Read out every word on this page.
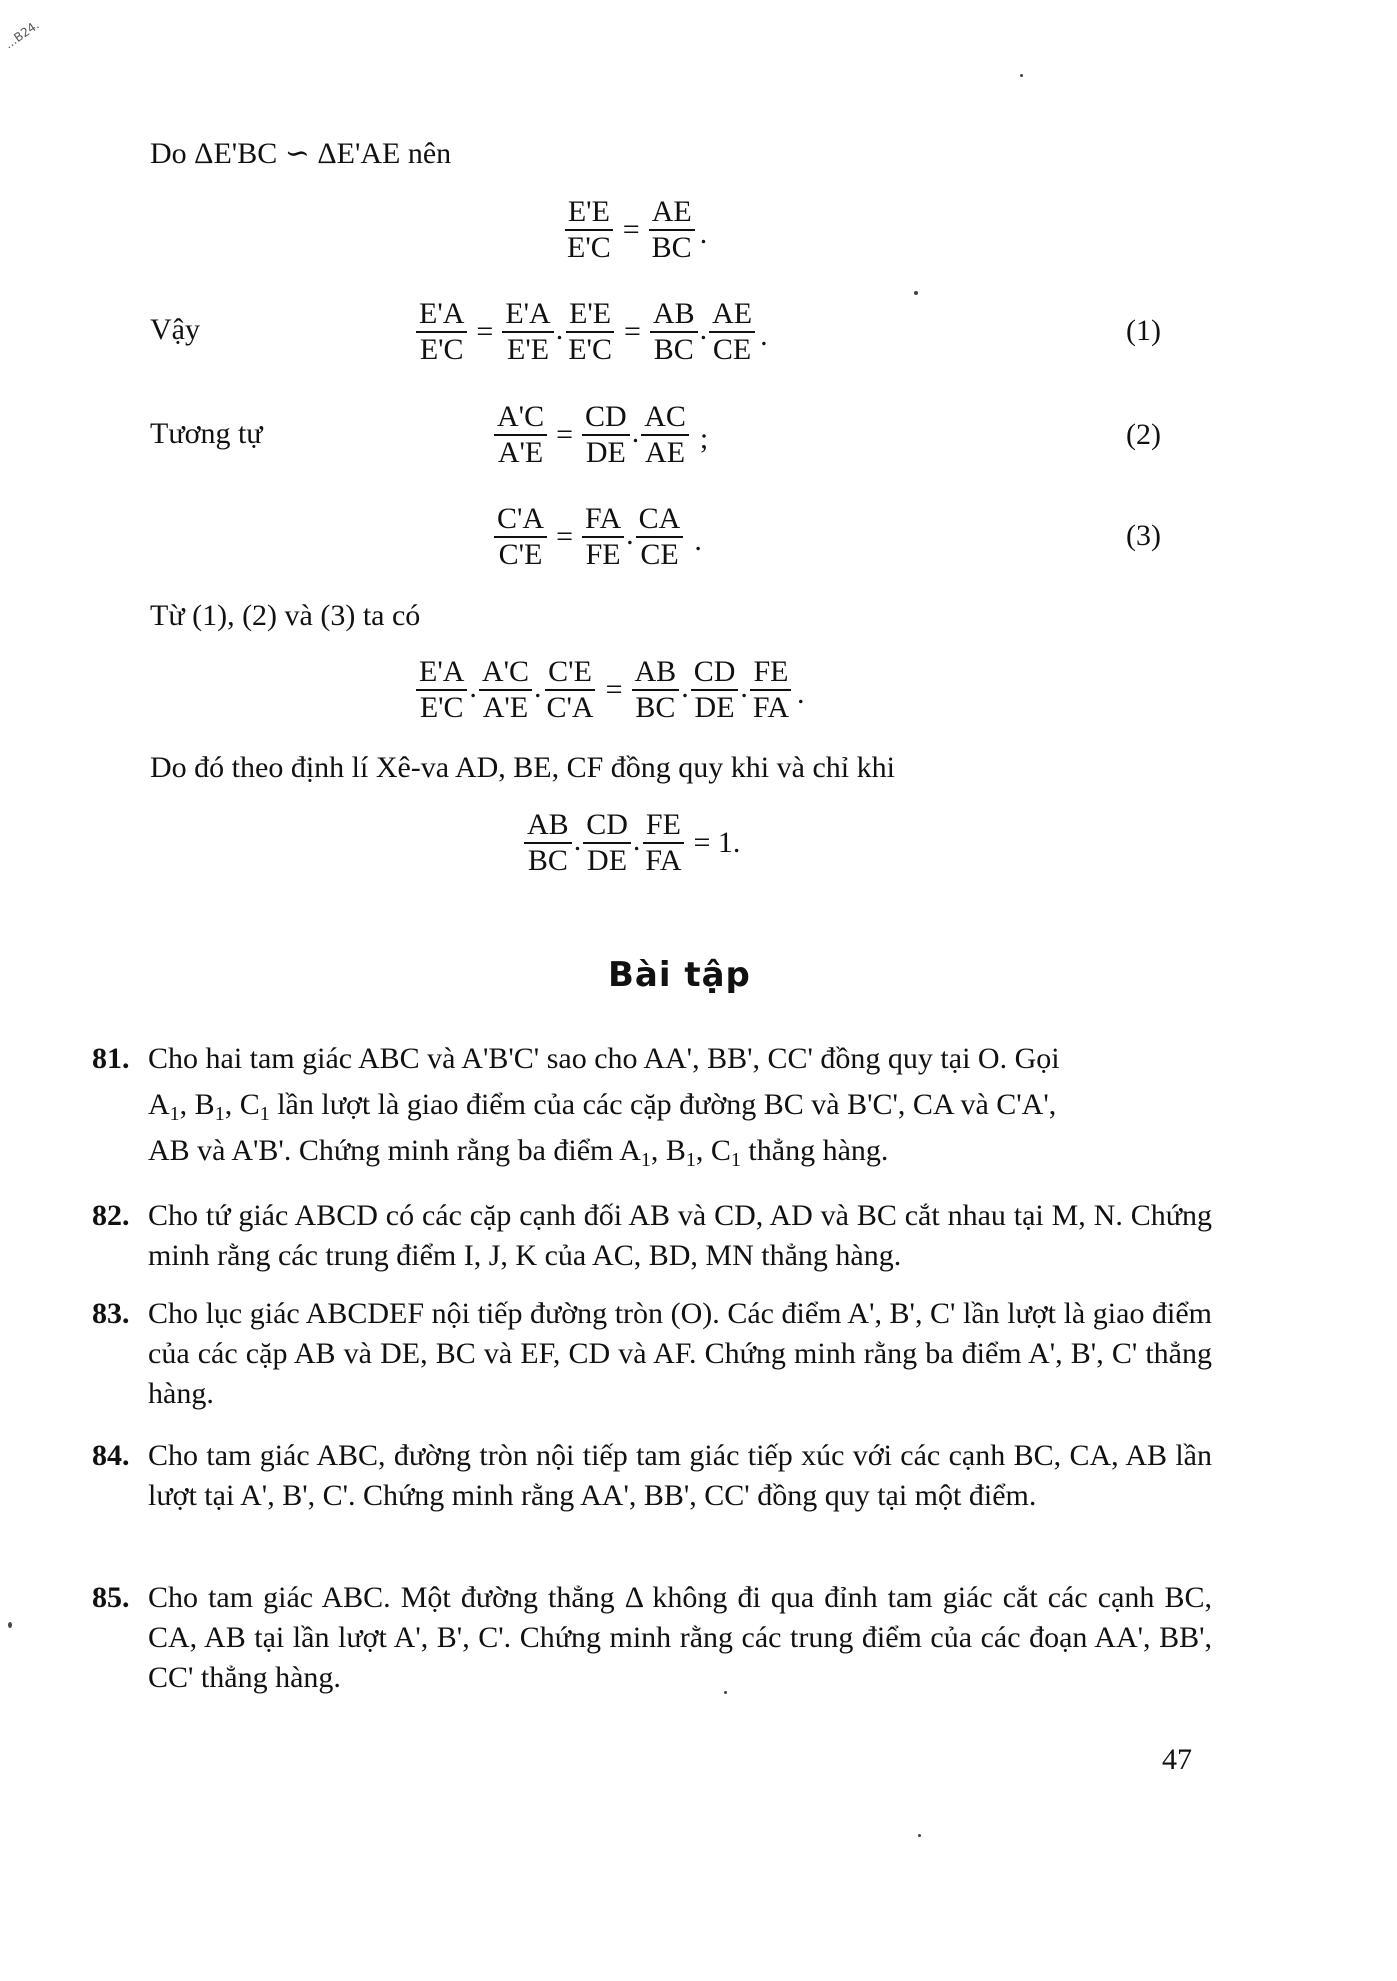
...B24.
Do ΔE'BC ∽ ΔE'AE nên
$\frac{E'E}{E'C} = \frac{AE}{BC}$ .
Vậy	$\frac{E'A}{E'C} = \frac{E'A}{E'E}$ . $\frac{E'E}{E'C} = \frac{AB}{BC}$ . $\frac{AE}{CE}$ .	(1)
Tương tự	$\frac{A'C}{A'E} = \frac{CD}{DE}$ . $\frac{AC}{AE}$ ;	(2)
$\frac{C'A}{C'E} = \frac{FA}{FE}$ . $\frac{CA}{CE}$ .	(3)
Từ (1), (2) và (3) ta có
$\frac{E'A}{E'C}$ . $\frac{A'C}{A'E}$ . $\frac{C'E}{C'A} = \frac{AB}{BC}$ . $\frac{CD}{DE}$ . $\frac{FE}{FA}$ .
Do đó theo định lí Xê-va AD, BE, CF đồng quy khi và chỉ khi
$\frac{AB}{BC}$ . $\frac{CD}{DE}$ . $\frac{FE}{FA} = 1$.
Bài tập
81. Cho hai tam giác ABC và A'B'C' sao cho AA', BB', CC' đồng quy tại O. Gọi
$A_1$, $B_1$, $C_1$ lần lượt là giao điểm của các cặp đường BC và B'C', CA và C'A',
AB và A'B'. Chứng minh rằng ba điểm $A_1$, $B_1$, $C_1$ thẳng hàng.
82. Cho tứ giác ABCD có các cặp cạnh đối AB và CD, AD và BC cắt nhau tại M, N. Chứng minh rằng các trung điểm I, J, K của AC, BD, MN thẳng hàng.
83. Cho lục giác ABCDEF nội tiếp đường tròn (O). Các điểm A', B', C' lần lượt là giao điểm của các cặp AB và DE, BC và EF, CD và AF. Chứng minh rằng ba điểm A', B', C' thẳng hàng.
84. Cho tam giác ABC, đường tròn nội tiếp tam giác tiếp xúc với các cạnh BC, CA, AB lần lượt tại A', B', C'. Chứng minh rằng AA', BB', CC' đồng quy tại một điểm.
85. Cho tam giác ABC. Một đường thẳng Δ không đi qua đỉnh tam giác cắt các cạnh BC, CA, AB tại lần lượt A', B', C'. Chứng minh rằng các trung điểm của các đoạn AA', BB', CC' thẳng hàng.
47
